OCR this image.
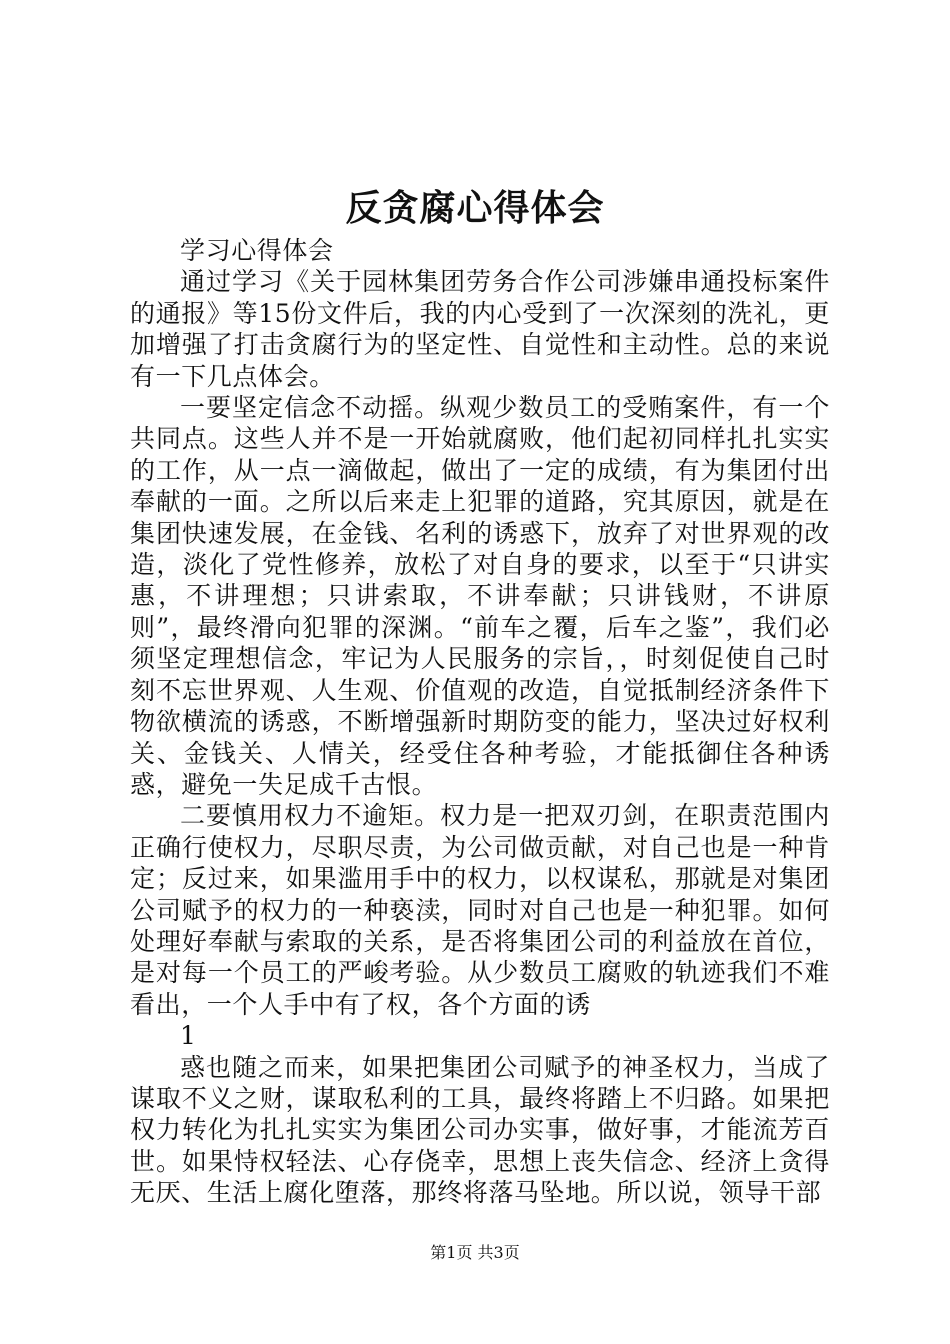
反贪腐心得体会

学习心得体会

通过学习《关于园林集团劳务合作公司涉嫌串通投标案件的通报》等15份文件后，我的内心受到了一次深刻的洗礼，更加增强了打击贪腐行为的坚定性、自觉性和主动性。总的来说有一下几点体会。

一要坚定信念不动摇。纵观少数员工的受贿案件，有一个共同点。这些人并不是一开始就腐败，他们起初同样扎扎实实的工作，从一点一滴做起，做出了一定的成绩，有为集团付出奉献的一面。之所以后来走上犯罪的道路，究其原因，就是在集团快速发展，在金钱、名利的诱惑下，放弃了对世界观的改造，淡化了党性修养，放松了对自身的要求，以至于“只讲实惠，不讲理想；只讲索取，不讲奉献；只讲钱财，不讲原则”，最终滑向犯罪的深渊。“前车之覆，后车之鉴”，我们必须坚定理想信念，牢记为人民服务的宗旨，，时刻促使自己时刻不忘世界观、人生观、价值观的改造，自觉抵制经济条件下物欲横流的诱惑，不断增强新时期防变的能力，坚决过好权利关、金钱关、人情关，经受住各种考验，才能抵御住各种诱惑，避免一失足成千古恨。

二要慎用权力不逾矩。权力是一把双刃剑，在职责范围内正确行使权力，尽职尽责，为公司做贡献，对自己也是一种肯定；反过来，如果滥用手中的权力，以权谋私，那就是对集团公司赋予的权力的一种亵渎，同时对自己也是一种犯罪。如何处理好奉献与索取的关系，是否将集团公司的利益放在首位，是对每一个员工的严峻考验。从少数员工腐败的轨迹我们不难看出，一个人手中有了权，各个方面的诱

1

惑也随之而来，如果把集团公司赋予的神圣权力，当成了谋取不义之财，谋取私利的工具，最终将踏上不归路。如果把权力转化为扎扎实实为集团公司办实事，做好事，才能流芳百世。如果恃权轻法、心存侥幸，思想上丧失信念、经济上贪得无厌、生活上腐化堕落，那终将落马坠地。所以说，领导干部

第1页 共3页
